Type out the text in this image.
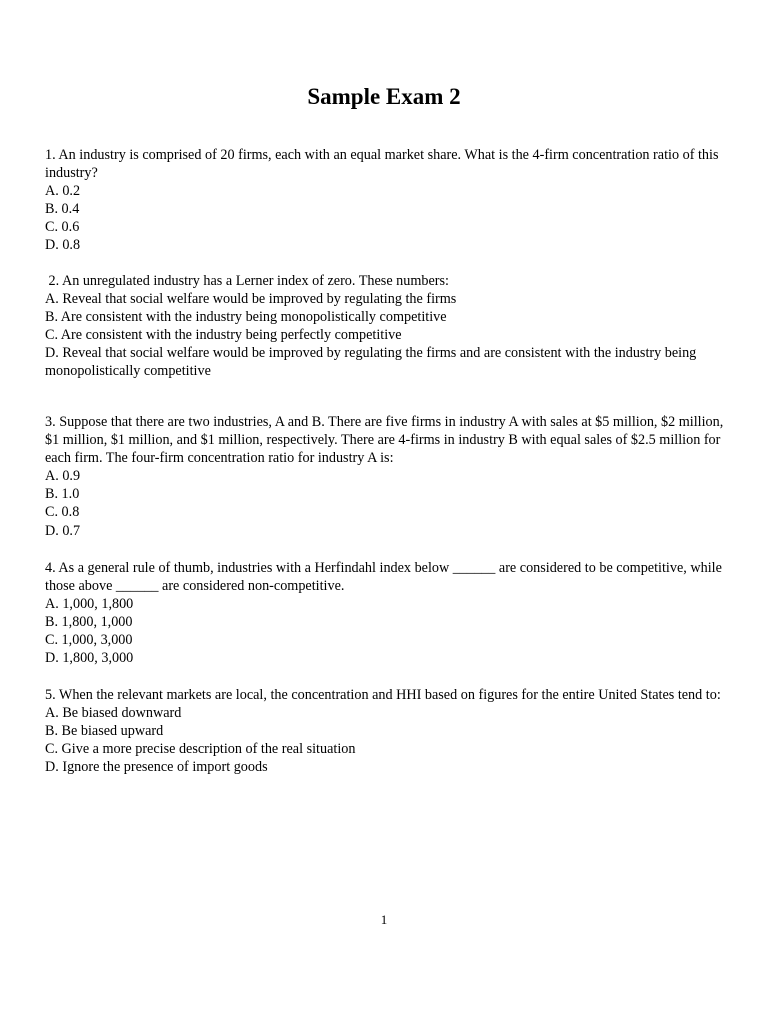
Sample Exam 2
1. An industry is comprised of 20 firms, each with an equal market share. What is the 4-firm concentration ratio of this industry?
A. 0.2
B. 0.4
C. 0.6
D. 0.8
2. An unregulated industry has a Lerner index of zero. These numbers:
A. Reveal that social welfare would be improved by regulating the firms
B. Are consistent with the industry being monopolistically competitive
C. Are consistent with the industry being perfectly competitive
D. Reveal that social welfare would be improved by regulating the firms and are consistent with the industry being monopolistically competitive
3. Suppose that there are two industries, A and B. There are five firms in industry A with sales at $5 million, $2 million, $1 million, $1 million, and $1 million, respectively. There are 4-firms in industry B with equal sales of $2.5 million for each firm. The four-firm concentration ratio for industry A is:
A. 0.9
B. 1.0
C. 0.8
D. 0.7
4. As a general rule of thumb, industries with a Herfindahl index below ______ are considered to be competitive, while those above ______ are considered non-competitive.
A. 1,000, 1,800
B. 1,800, 1,000
C. 1,000, 3,000
D. 1,800, 3,000
5. When the relevant markets are local, the concentration and HHI based on figures for the entire United States tend to:
A. Be biased downward
B. Be biased upward
C. Give a more precise description of the real situation
D. Ignore the presence of import goods
1
